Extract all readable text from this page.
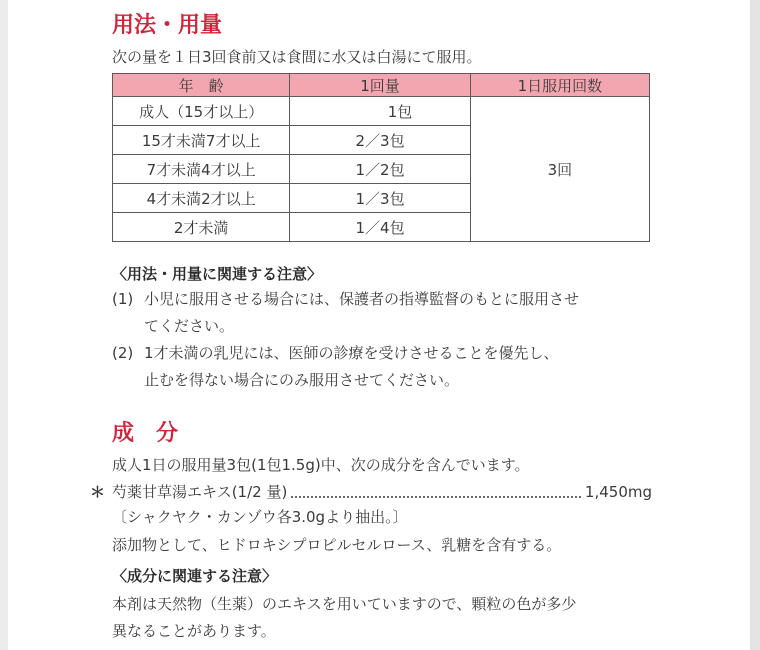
用法・用量
次の量を１日3回食前又は食間に水又は白湯にて服用。
年　齢	1回量	1日服用回数
成人（15才以上）	1包	3回
15才未満7才以上	2／3包	
7才未満4才以上	1／2包	
4才未満2才以上	1／3包	
2才未満	1／4包	
〈用法・用量に関連する注意〉
(1) 小児に服用させる場合には、保護者の指導監督のもとに服用させ
てください。
(2) 1才未満の乳児には、医師の診療を受けさせることを優先し、
止むを得ない場合にのみ服用させてください。
成　分
成人1日の服用量3包(1包1.5g)中、次の成分を含んでいます。
＊ 芍薬甘草湯エキス(1/2 量)	1,450mg
〔シャクヤク・カンゾウ各3.0gより抽出。〕
添加物として、ヒドロキシプロピルセルロース、乳糖を含有する。
〈成分に関連する注意〉
本剤は天然物（生薬）のエキスを用いていますので、顆粒の色が多少
異なることがあります。
